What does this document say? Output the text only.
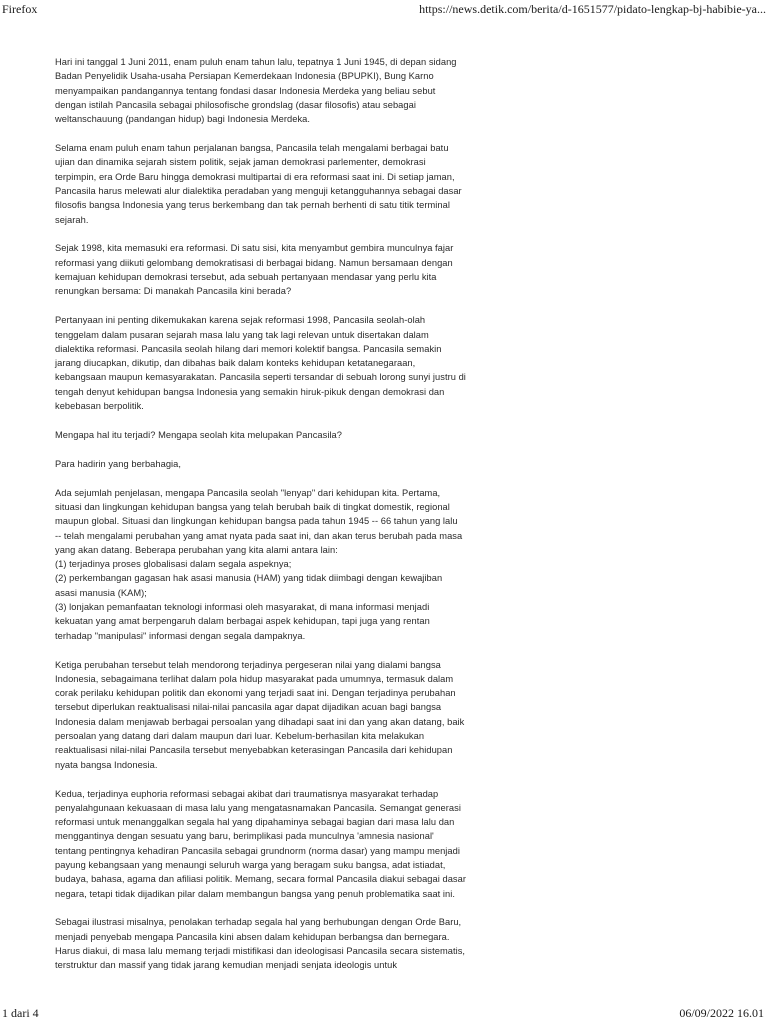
Firefox	https://news.detik.com/berita/d-1651577/pidato-lengkap-bj-habibie-ya...

Hari ini tanggal 1 Juni 2011, enam puluh enam tahun lalu, tepatnya 1 Juni 1945, di depan sidang
Badan Penyelidik Usaha-usaha Persiapan Kemerdekaan Indonesia (BPUPKI), Bung Karno
menyampaikan pandangannya tentang fondasi dasar Indonesia Merdeka yang beliau sebut
dengan istilah Pancasila sebagai philosofische grondslag (dasar filosofis) atau sebagai
weltanschauung (pandangan hidup) bagi Indonesia Merdeka.

Selama enam puluh enam tahun perjalanan bangsa, Pancasila telah mengalami berbagai batu
ujian dan dinamika sejarah sistem politik, sejak jaman demokrasi parlementer, demokrasi
terpimpin, era Orde Baru hingga demokrasi multipartai di era reformasi saat ini. Di setiap jaman,
Pancasila harus melewati alur dialektika peradaban yang menguji ketangguhannya sebagai dasar
filosofis bangsa Indonesia yang terus berkembang dan tak pernah berhenti di satu titik terminal
sejarah.

Sejak 1998, kita memasuki era reformasi. Di satu sisi, kita menyambut gembira munculnya fajar
reformasi yang diikuti gelombang demokratisasi di berbagai bidang. Namun bersamaan dengan
kemajuan kehidupan demokrasi tersebut, ada sebuah pertanyaan mendasar yang perlu kita
renungkan bersama: Di manakah Pancasila kini berada?

Pertanyaan ini penting dikemukakan karena sejak reformasi 1998, Pancasila seolah-olah
tenggelam dalam pusaran sejarah masa lalu yang tak lagi relevan untuk disertakan dalam
dialektika reformasi. Pancasila seolah hilang dari memori kolektif bangsa. Pancasila semakin
jarang diucapkan, dikutip, dan dibahas baik dalam konteks kehidupan ketatanegaraan,
kebangsaan maupun kemasyarakatan. Pancasila seperti tersandar di sebuah lorong sunyi justru di
tengah denyut kehidupan bangsa Indonesia yang semakin hiruk-pikuk dengan demokrasi dan
kebebasan berpolitik.

Mengapa hal itu terjadi? Mengapa seolah kita melupakan Pancasila?

Para hadirin yang berbahagia,

Ada sejumlah penjelasan, mengapa Pancasila seolah "lenyap" dari kehidupan kita. Pertama,
situasi dan lingkungan kehidupan bangsa yang telah berubah baik di tingkat domestik, regional
maupun global. Situasi dan lingkungan kehidupan bangsa pada tahun 1945 -- 66 tahun yang lalu
-- telah mengalami perubahan yang amat nyata pada saat ini, dan akan terus berubah pada masa
yang akan datang. Beberapa perubahan yang kita alami antara lain:
(1) terjadinya proses globalisasi dalam segala aspeknya;
(2) perkembangan gagasan hak asasi manusia (HAM) yang tidak diimbagi dengan kewajiban
asasi manusia (KAM);
(3) lonjakan pemanfaatan teknologi informasi oleh masyarakat, di mana informasi menjadi
kekuatan yang amat berpengaruh dalam berbagai aspek kehidupan, tapi juga yang rentan
terhadap "manipulasi" informasi dengan segala dampaknya.

Ketiga perubahan tersebut telah mendorong terjadinya pergeseran nilai yang dialami bangsa
Indonesia, sebagaimana terlihat dalam pola hidup masyarakat pada umumnya, termasuk dalam
corak perilaku kehidupan politik dan ekonomi yang terjadi saat ini. Dengan terjadinya perubahan
tersebut diperlukan reaktualisasi nilai-nilai pancasila agar dapat dijadikan acuan bagi bangsa
Indonesia dalam menjawab berbagai persoalan yang dihadapi saat ini dan yang akan datang, baik
persoalan yang datang dari dalam maupun dari luar. Kebelum-berhasilan kita melakukan
reaktualisasi nilai-nilai Pancasila tersebut menyebabkan keterasingan Pancasila dari kehidupan
nyata bangsa Indonesia.

Kedua, terjadinya euphoria reformasi sebagai akibat dari traumatisnya masyarakat terhadap
penyalahgunaan kekuasaan di masa lalu yang mengatasnamakan Pancasila. Semangat generasi
reformasi untuk menanggalkan segala hal yang dipahaminya sebagai bagian dari masa lalu dan
menggantinya dengan sesuatu yang baru, berimplikasi pada munculnya 'amnesia nasional'
tentang pentingnya kehadiran Pancasila sebagai grundnorm (norma dasar) yang mampu menjadi
payung kebangsaan yang menaungi seluruh warga yang beragam suku bangsa, adat istiadat,
budaya, bahasa, agama dan afiliasi politik. Memang, secara formal Pancasila diakui sebagai dasar
negara, tetapi tidak dijadikan pilar dalam membangun bangsa yang penuh problematika saat ini.

Sebagai ilustrasi misalnya, penolakan terhadap segala hal yang berhubungan dengan Orde Baru,
menjadi penyebab mengapa Pancasila kini absen dalam kehidupan berbangsa dan bernegara.
Harus diakui, di masa lalu memang terjadi mistifikasi dan ideologisasi Pancasila secara sistematis,
terstruktur dan massif yang tidak jarang kemudian menjadi senjata ideologis untuk

1 dari 4	06/09/2022 16.01
